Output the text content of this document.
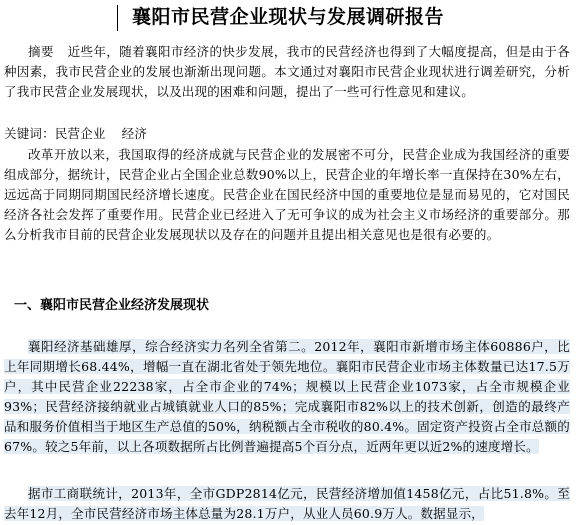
襄阳市民营企业现状与发展调研报告
摘要 近些年，随着襄阳市经济的快步发展，我市的民营经济也得到了大幅度提高，但是由于各种因素，我市民营企业的发展也渐渐出现问题。本文通过对襄阳市民营企业现状进行调差研究，分析了我市民营企业发展现状，以及出现的困难和问题，提出了一些可行性意见和建议。
关键词：民营企业 经济
改革开放以来，我国取得的经济成就与民营企业的发展密不可分，民营企业成为我国经济的重要组成部分，据统计，民营企业占全国企业总数90%以上，民营企业的年增长率一直保持在30%左右，远远高于同期同期国民经济增长速度。民营企业在国民经济中国的重要地位是显而易见的，它对国民经济各社会发挥了重要作用。民营企业已经进入了无可争议的成为社会主义市场经济的重要部分。那么分析我市目前的民营企业发展现状以及存在的问题并且提出相关意见也是很有必要的。
一、襄阳市民营企业经济发展现状
襄阳经济基础雄厚，综合经济实力名列全省第二。2012年，襄阳市新增市场主体60886户，比上年同期增长68.44%，增幅一直在湖北省处于领先地位。襄阳市民营企业市场主体数量已达17.5万户，其中民营企业22238家，占全市企业的74%；规模以上民营企业1073家，占全市规模企业93%；民营经济接纳就业占城镇就业人口的85%；完成襄阳市82%以上的技术创新，创造的最终产品和服务价值相当于地区生产总值的50%，纳税额占全市税收的80.4%。固定资产投资占全市总额的67%。较之5年前，以上各项数据所占比例普遍提高5个百分点，近两年更以近2%的速度增长。
据市工商联统计，2013年，全市GDP2814亿元，民营经济增加值1458亿元，占比51.8%。至去年12月，全市民营经济市场主体总量为28.1万户，从业人员60.9万人。数据显示，
